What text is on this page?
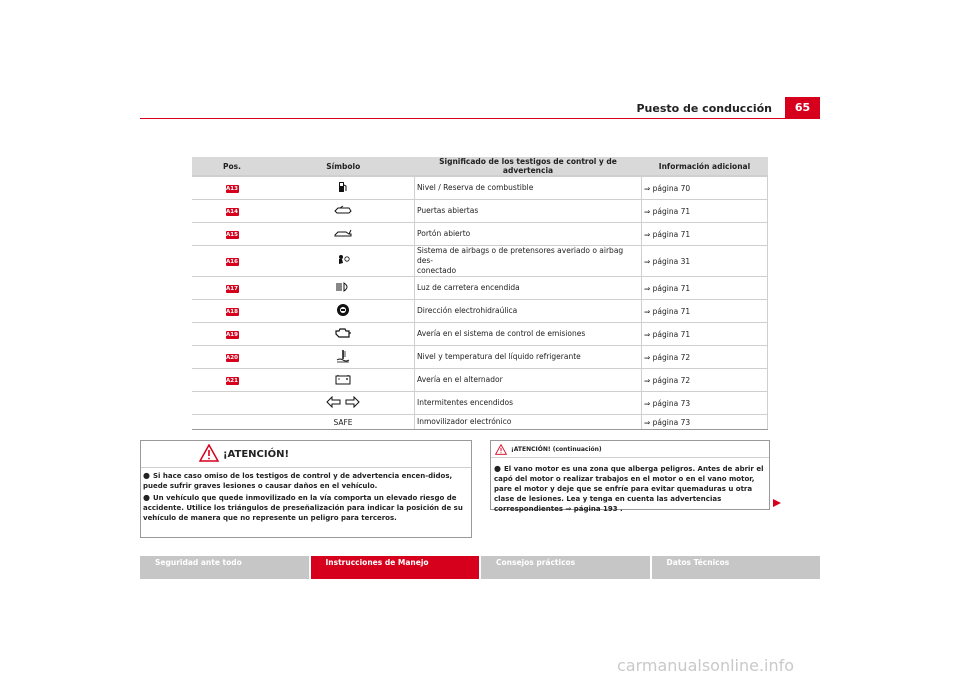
Puesto de conducción	65
Pos.	Símbolo	Significado de los testigos de control y de advertencia	Información adicional
A13		Nivel / Reserva de combustible	⇒ página 70
A14		Puertas abiertas	⇒ página 71
A15		Portón abierto	⇒ página 71
A16		Sistema de airbags o de pretensores averiado o airbag des-
conectado	⇒ página 31
A17		Luz de carretera encendida	⇒ página 71
A18		Dirección electrohidraúlica	⇒ página 71
A19		Avería en el sistema de control de emisiones	⇒ página 71
A20		Nivel y temperatura del líquido refrigerante	⇒ página 72
A21		Avería en el alternador	⇒ página 72
		Intermitentes encendidos	⇒ página 73
	SAFE	Inmovilizador electrónico	⇒ página 73
¡ATENCIÓN!

● Si hace caso omiso de los testigos de control y de advertencia encen-didos, puede sufrir graves lesiones o causar daños en el vehículo.

● Un vehículo que quede inmovilizado en la vía comporta un elevado riesgo de accidente. Utilice los triángulos de preseñalización para indicar la posición de su vehículo de manera que no represente un peligro para terceros.

¡ATENCIÓN! (continuación)
● El vano motor es una zona que alberga peligros. Antes de abrir el capó del motor o realizar trabajos en el motor o en el vano motor, pare el motor y deje que se enfríe para evitar quemaduras u otra clase de lesiones. Lea y tenga en cuenta las advertencias correspondientes ⇒ página 193 .
Seguridad ante todo	Instrucciones de Manejo	Consejos prácticos	Datos Técnicos
carmanualsonline.info
